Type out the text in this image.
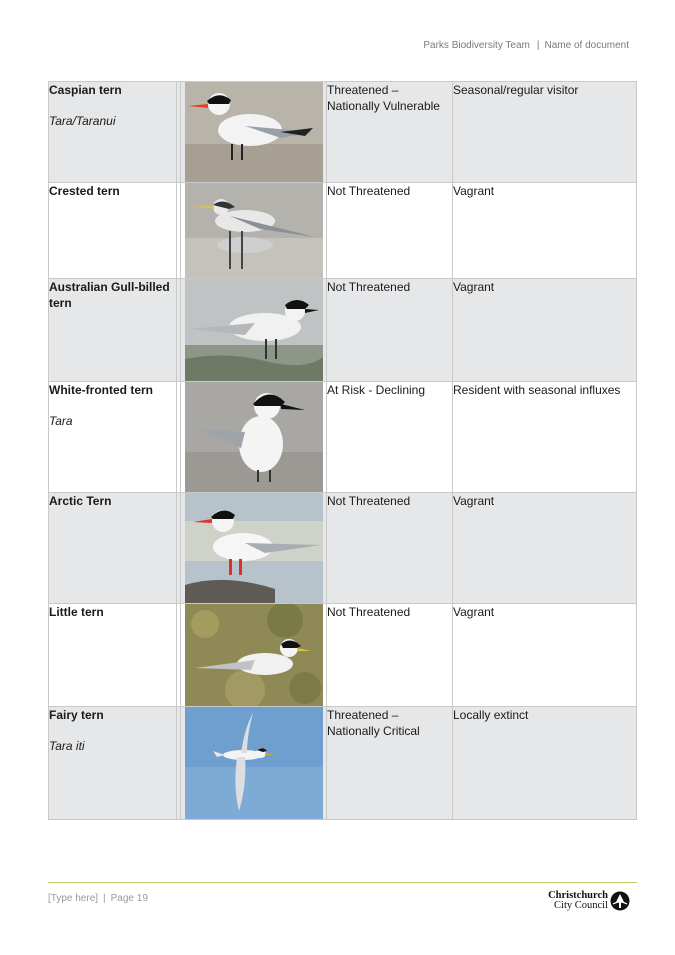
Parks Biodiversity Team | Name of document
Caspian tern
Tara/Taranui			Threatened – Nationally Vulnerable	Seasonal/regular visitor

Crested tern			Not Threatened	Vagrant

Australian Gull-billed tern			Not Threatened	Vagrant

White-fronted tern
Tara			At Risk - Declining	Resident with seasonal influxes

Arctic Tern			Not Threatened	Vagrant

Little tern			Not Threatened	Vagrant

Fairy tern
Tara iti			Threatened – Nationally Critical	Locally extinct
[Type here] | Page 19	Christchurch
City Council
